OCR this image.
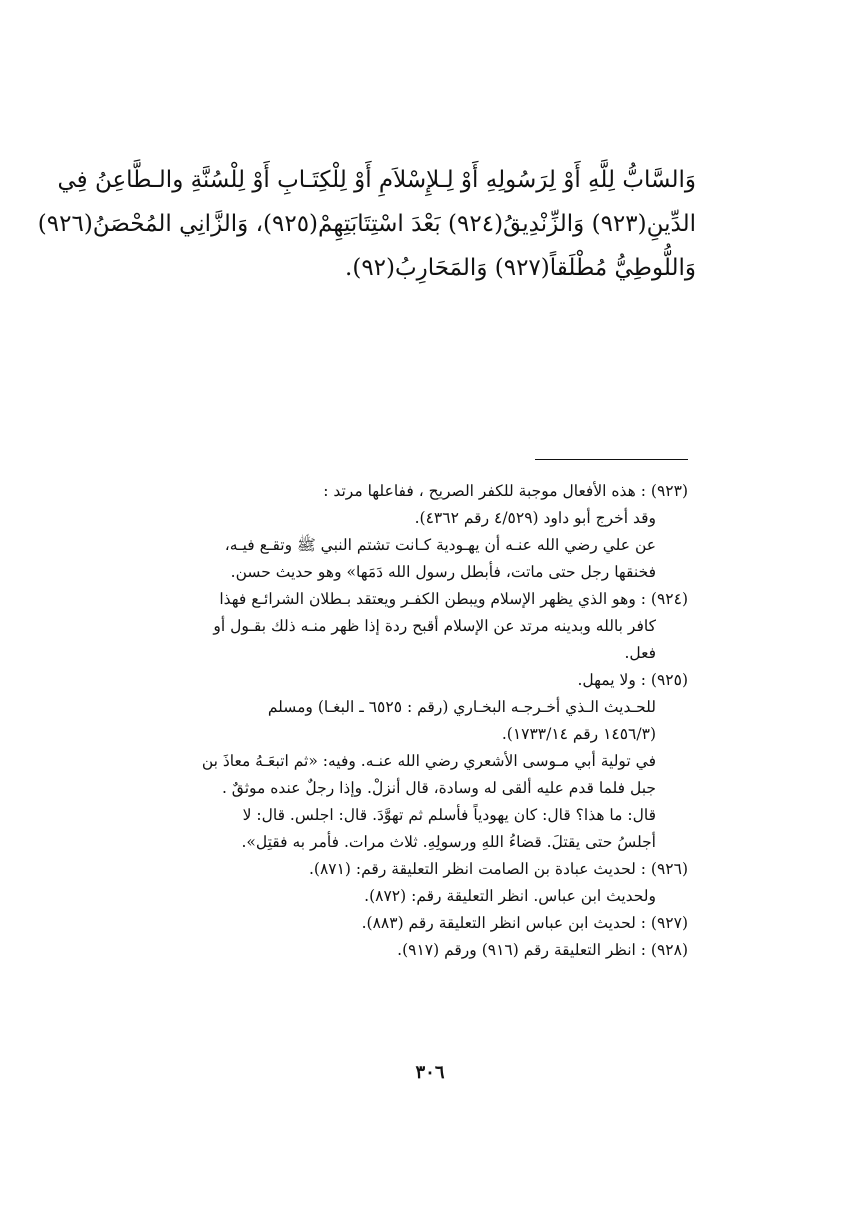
وَالسَّابُّ لِلَّهِ أَوْ لِرَسُولِهِ أَوْ لِـلإِسْلاَمِ أَوْ لِلْكِتَـابِ أَوْ لِلْسُنَّةِ والـطَّاعِنُ فِي
الدِّينِ(٩٢٣) وَالزِّنْدِيقُ(٩٢٤) بَعْدَ اسْتِتَابَتِهِمْ(٩٢٥)، وَالزَّانِي المُحْصَنُ(٩٢٦)
وَاللُّوطِيُّ مُطْلَقاً(٩٢٧) وَالمَحَارِبُ(٩٢).
(٩٢٣) : هذه الأفعال موجبة للكفر الصريح ، ففاعلها مرتد :
وقد أخرج أبو داود (٤/٥٢٩ رقم ٤٣٦٢).
عن علي رضي الله عنـه أن يهـودية كـانت تشتم النبي ﷺ وتقـع فيـه،
فخنقها رجل حتى ماتت، فأبطل رسول الله دَمَها» وهو حديث حسن.
(٩٢٤) : وهو الذي يظهر الإسلام ويبطن الكفـر ويعتقد بـطلان الشرائـع فهذا
كافر بالله وبدينه مرتد عن الإسلام أقبح ردة إذا ظهر منـه ذلك بقـول أو
فعل.
(٩٢٥) : ولا يمهل.
للحـديث الـذي أخـرجـه البخـاري (رقم : ٦٥٢٥ ـ البغـا) ومسلم
(١٤٥٦/٣ رقم ١٧٣٣/١٤).
في تولية أبي مـوسى الأشعري رضي الله عنـه. وفيه: «ثم اتبعَـهُ معاذَ بن
جبل فلما قدم عليه ألقى له وسادة، قال أنزلْ. وإذا رجلٌ عنده موثقٌ .
قال: ما هذا؟ قال: كان يهودياً فأسلم ثم تهوَّدَ. قال: اجلس. قال: لا
أجلسُ حتى يقتلَ. قضاءُ اللهِ ورسولِهِ. ثلاث مرات. فأمر به فقتِل».
(٩٢٦) : لحديث عبادة بن الصامت انظر التعليقة رقم: (٨٧١).
ولحديث ابن عباس. انظر التعليقة رقم: (٨٧٢).
(٩٢٧) : لحديث ابن عباس انظر التعليقة رقم (٨٨٣).
(٩٢٨) : انظر التعليقة رقم (٩١٦) ورقم (٩١٧).
٣٠٦
